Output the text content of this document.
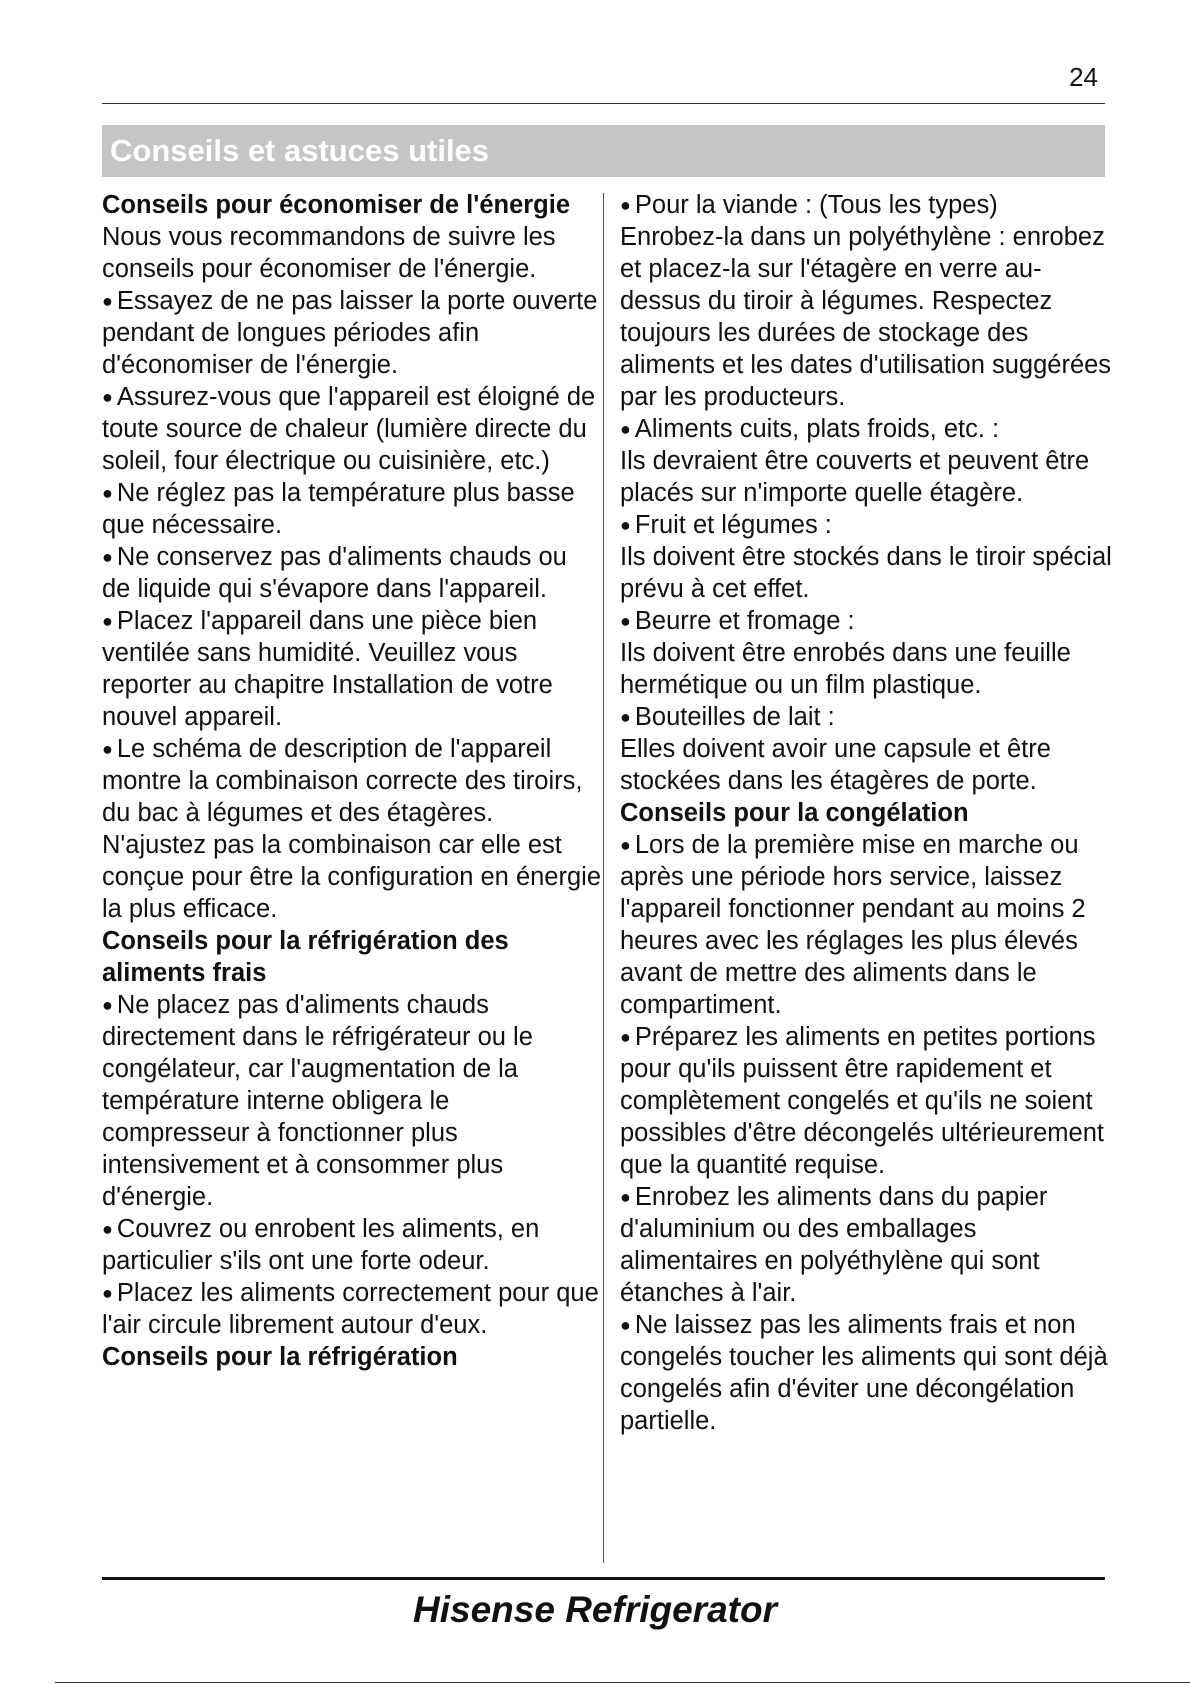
24
Conseils et astuces utiles

Conseils pour économiser de l'énergie

Nous vous recommandons de suivre les conseils pour économiser de l'énergie.

● Essayez de ne pas laisser la porte ouverte pendant de longues périodes afin d'économiser de l'énergie.

● Assurez-vous que l'appareil est éloigné de toute source de chaleur (lumière directe du soleil, four électrique ou cuisinière, etc.)

● Ne réglez pas la température plus basse que nécessaire.

● Ne conservez pas d'aliments chauds ou de liquide qui s'évapore dans l'appareil.

● Placez l'appareil dans une pièce bien ventilée sans humidité. Veuillez vous reporter au chapitre Installation de votre nouvel appareil.

● Le schéma de description de l'appareil montre la combinaison correcte des tiroirs, du bac à légumes et des étagères. N'ajustez pas la combinaison car elle est conçue pour être la configuration en énergie la plus efficace.

Conseils pour la réfrigération des aliments frais

● Ne placez pas d'aliments chauds directement dans le réfrigérateur ou le congélateur, car l'augmentation de la température interne obligera le compresseur à fonctionner plus intensivement et à consommer plus d'énergie.

● Couvrez ou enrobent les aliments, en particulier s'ils ont une forte odeur.

● Placez les aliments correctement pour que l'air circule librement autour d'eux.

Conseils pour la réfrigération

● Pour la viande : (Tous les types)

Enrobez-la dans un polyéthylène : enrobez et placez-la sur l'étagère en verre au-dessus du tiroir à légumes. Respectez toujours les durées de stockage des aliments et les dates d'utilisation suggérées par les producteurs.

● Aliments cuits, plats froids, etc. :

Ils devraient être couverts et peuvent être placés sur n'importe quelle étagère.

● Fruit et légumes :

Ils doivent être stockés dans le tiroir spécial prévu à cet effet.

● Beurre et fromage :

Ils doivent être enrobés dans une feuille hermétique ou un film plastique.

● Bouteilles de lait :

Elles doivent avoir une capsule et être stockées dans les étagères de porte.

Conseils pour la congélation

● Lors de la première mise en marche ou après une période hors service, laissez l'appareil fonctionner pendant au moins 2 heures avec les réglages les plus élevés avant de mettre des aliments dans le compartiment.

● Préparez les aliments en petites portions pour qu'ils puissent être rapidement et complètement congelés et qu'ils ne soient possibles d'être décongelés ultérieurement que la quantité requise.

● Enrobez les aliments dans du papier d'aluminium ou des emballages alimentaires en polyéthylène qui sont étanches à l'air.

● Ne laissez pas les aliments frais et non congelés toucher les aliments qui sont déjà congelés afin d'éviter une décongélation partielle.

Hisense Refrigerator
